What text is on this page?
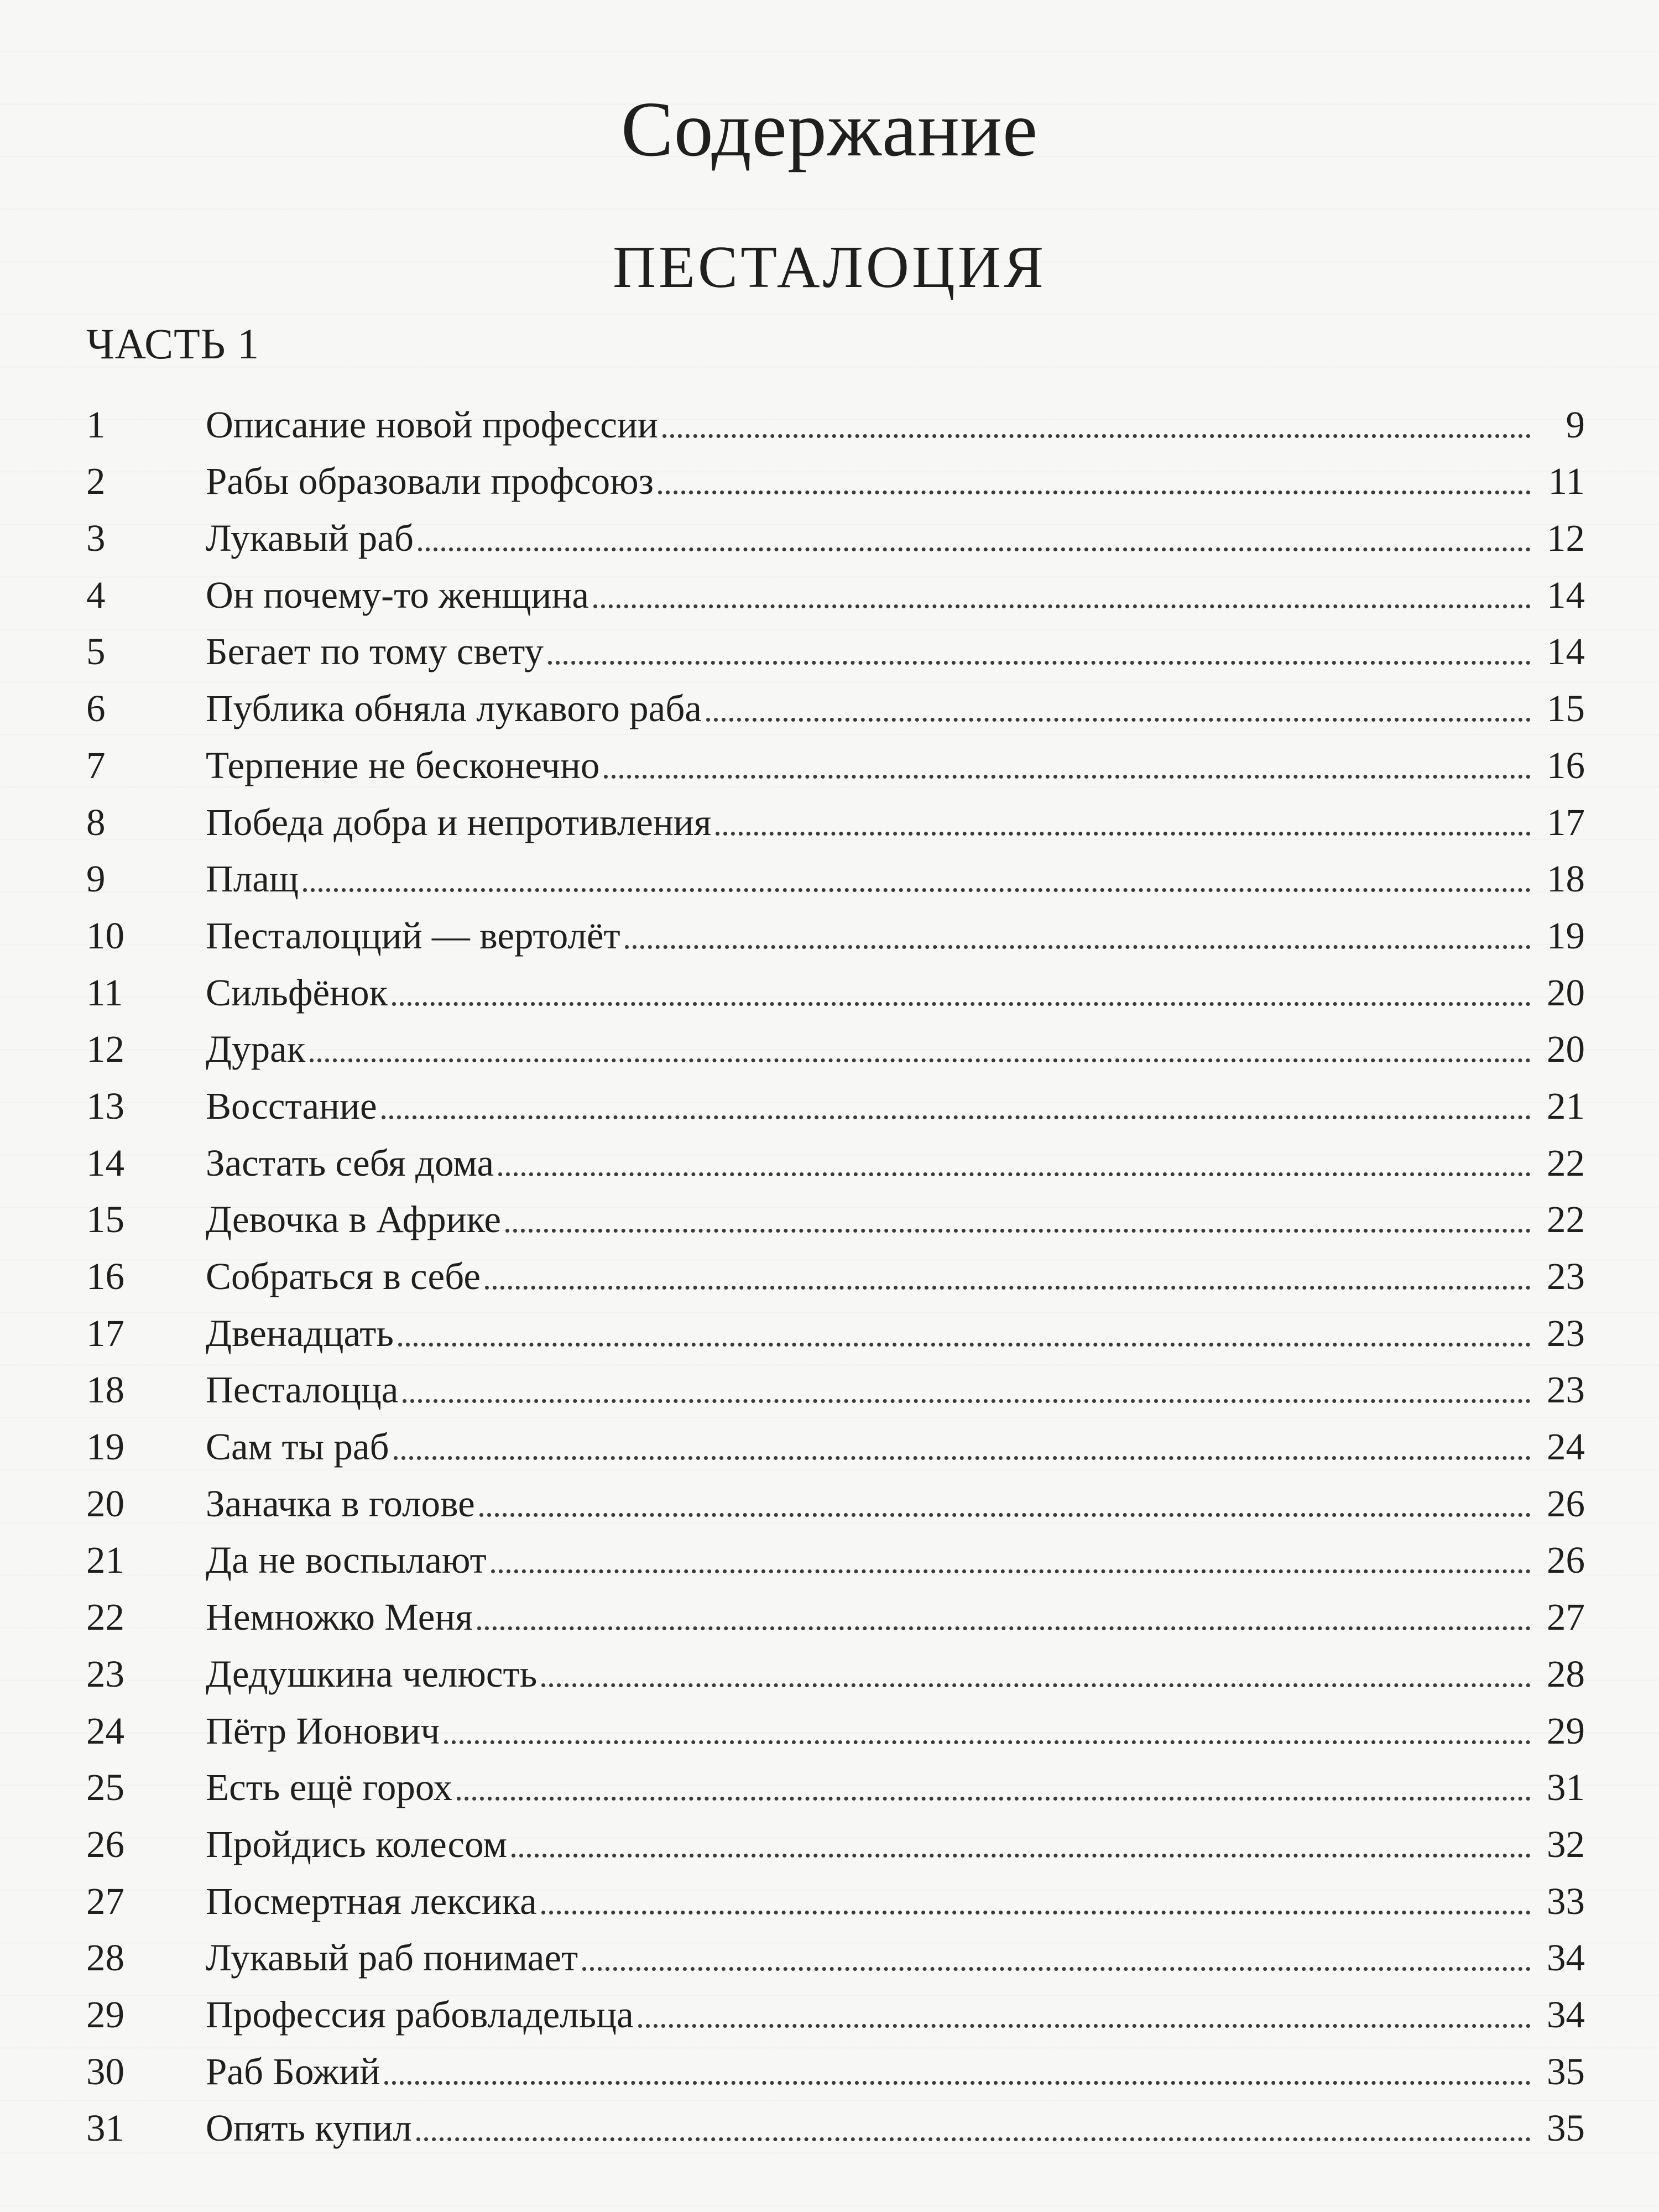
Содержание
ПЕСТАЛОЦИЯ
ЧАСТЬ 1
1	Описание новой профессии	9
2	Рабы образовали профсоюз	11
3	Лукавый раб	12
4	Он почему-то женщина	14
5	Бегает по тому свету	14
6	Публика обняла лукавого раба	15
7	Терпение не бесконечно	16
8	Победа добра и непротивления	17
9	Плащ	18
10	Песталоцций — вертолёт	19
11	Сильфёнок	20
12	Дурак	20
13	Восстание	21
14	Застать себя дома	22
15	Девочка в Африке	22
16	Собраться в себе	23
17	Двенадцать	23
18	Песталоцца	23
19	Сам ты раб	24
20	Заначка в голове	26
21	Да не воспылают	26
22	Немножко Меня	27
23	Дедушкина челюсть	28
24	Пётр Ионович	29
25	Есть ещё горох	31
26	Пройдись колесом	32
27	Посмертная лексика	33
28	Лукавый раб понимает	34
29	Профессия рабовладельца	34
30	Раб Божий	35
31	Опять купил	35
